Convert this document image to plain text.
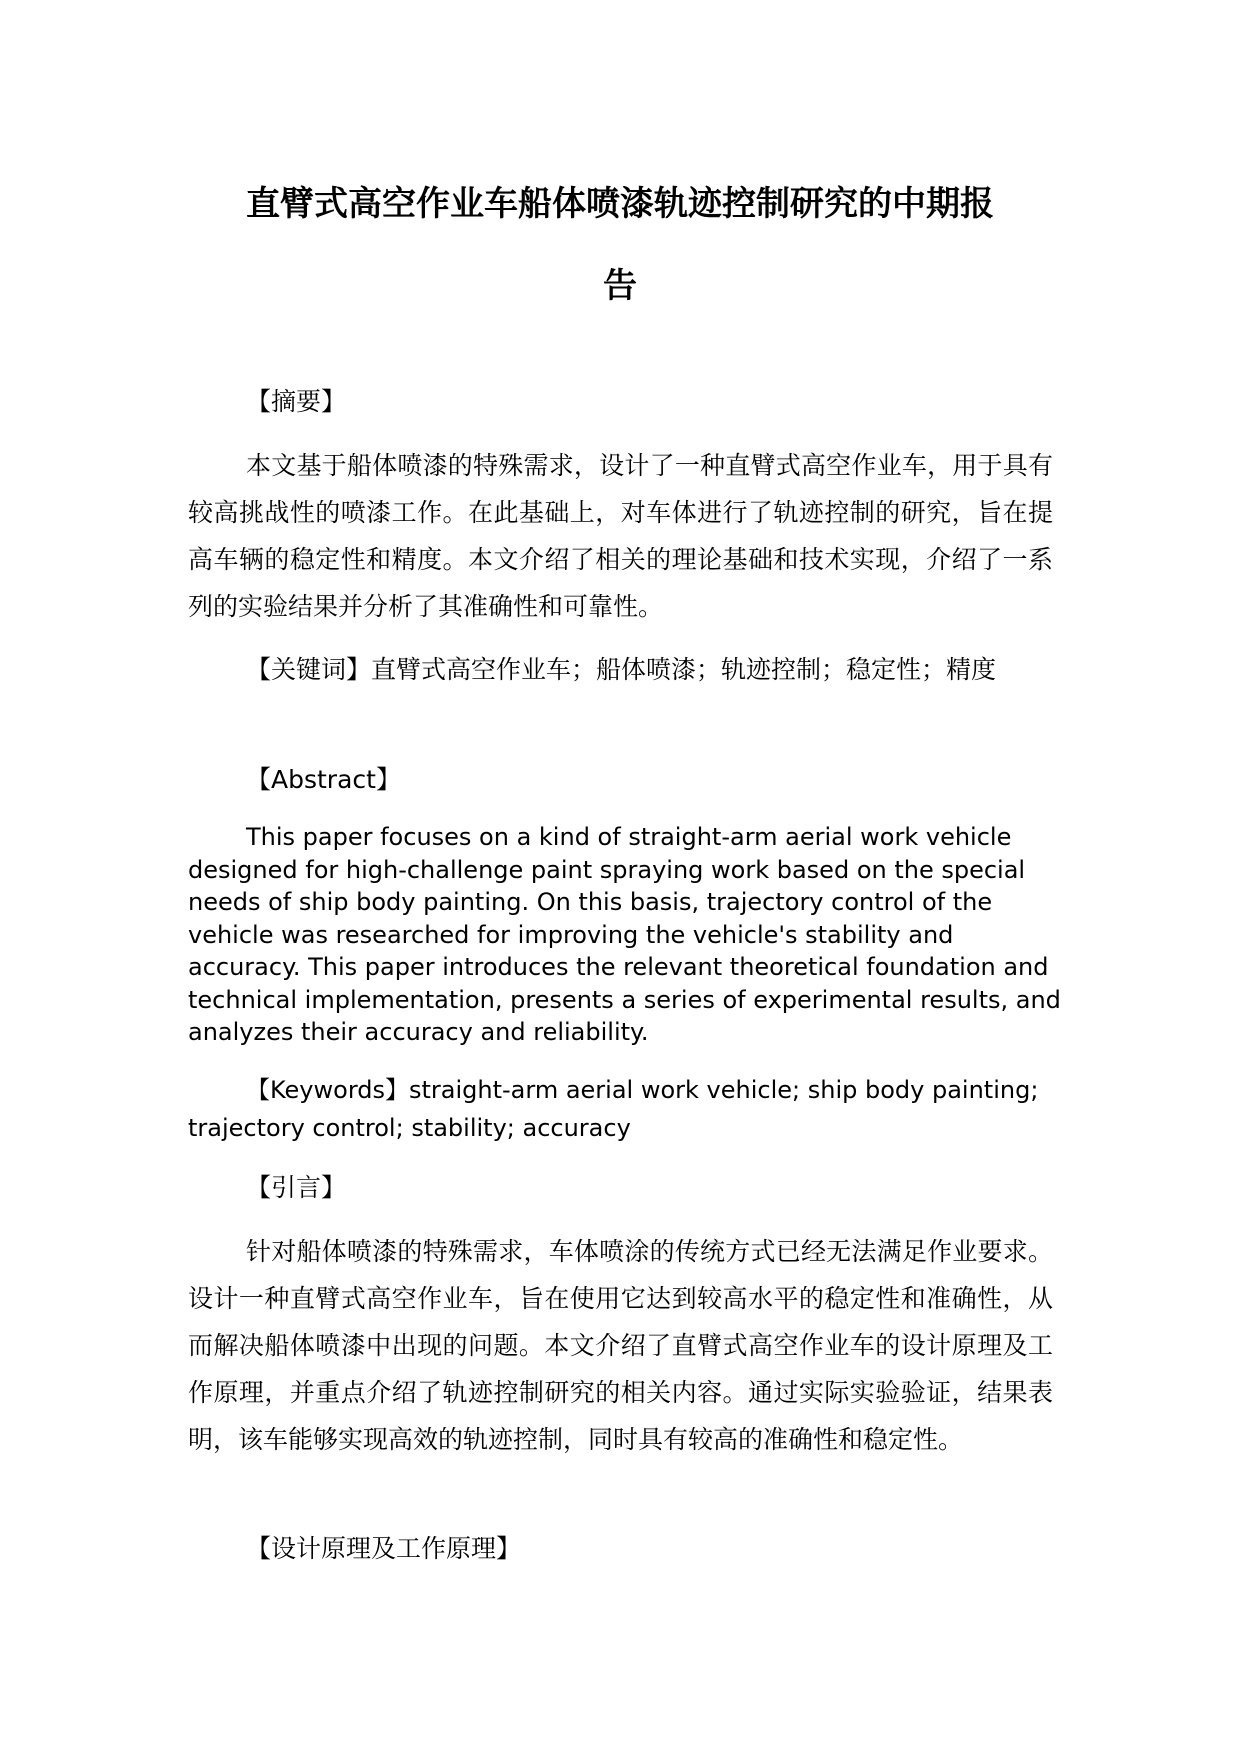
直臂式高空作业车船体喷漆轨迹控制研究的中期报
告
【摘要】
本文基于船体喷漆的特殊需求，设计了一种直臂式高空作业车，用于具有较高挑战性的喷漆工作。在此基础上，对车体进行了轨迹控制的研究，旨在提高车辆的稳定性和精度。本文介绍了相关的理论基础和技术实现，介绍了一系列的实验结果并分析了其准确性和可靠性。
【关键词】直臂式高空作业车；船体喷漆；轨迹控制；稳定性；精度
【Abstract】
This paper focuses on a kind of straight-arm aerial work vehicle designed for high-challenge paint spraying work based on the special needs of ship body painting. On this basis, trajectory control of the vehicle was researched for improving the vehicle's stability and accuracy. This paper introduces the relevant theoretical foundation and technical implementation, presents a series of experimental results, and analyzes their accuracy and reliability.
【Keywords】straight-arm aerial work vehicle; ship body painting; trajectory control; stability; accuracy
【引言】
针对船体喷漆的特殊需求，车体喷涂的传统方式已经无法满足作业要求。设计一种直臂式高空作业车，旨在使用它达到较高水平的稳定性和准确性，从而解决船体喷漆中出现的问题。本文介绍了直臂式高空作业车的设计原理及工作原理，并重点介绍了轨迹控制研究的相关内容。通过实际实验验证，结果表明，该车能够实现高效的轨迹控制，同时具有较高的准确性和稳定性。
【设计原理及工作原理】
